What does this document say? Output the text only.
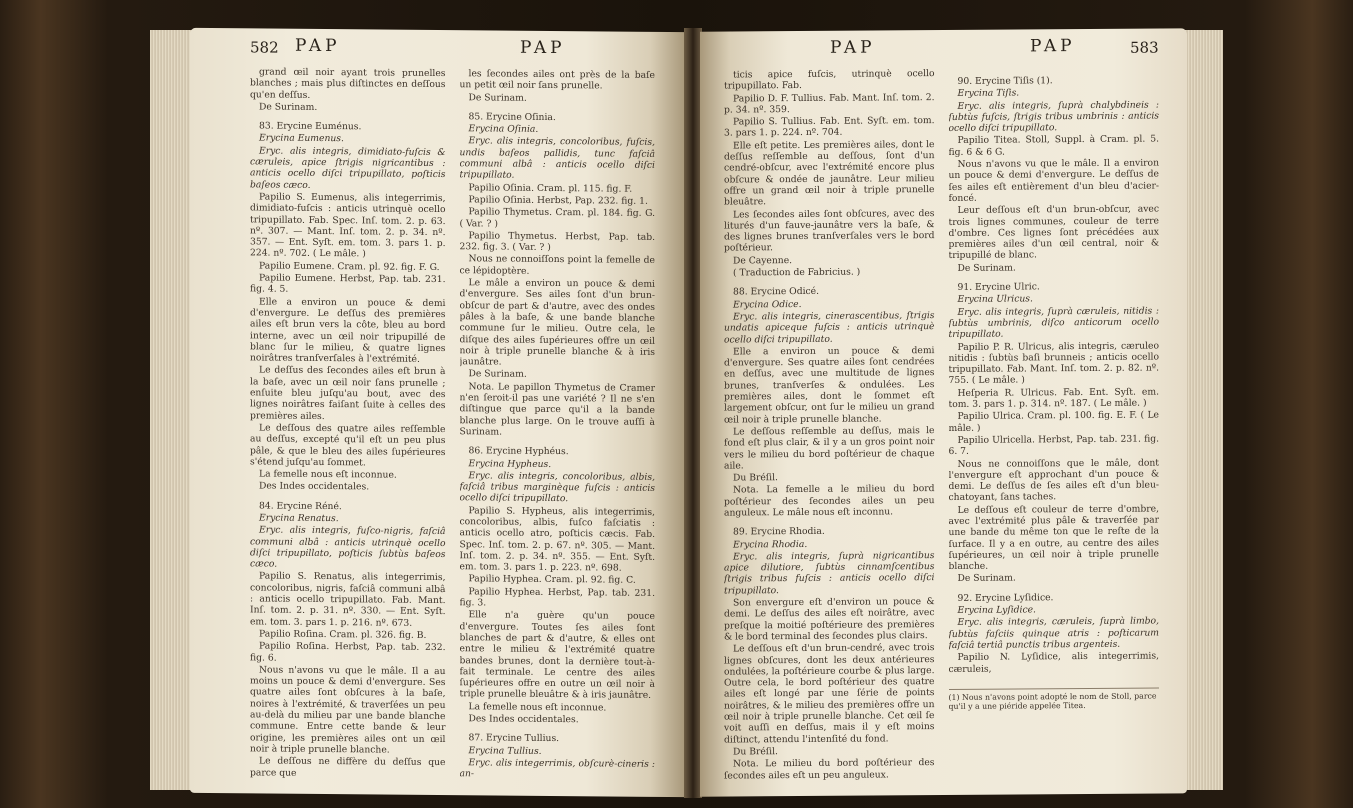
582 PAP	PAP

grand œil noir ayant trois prunelles blanches ; mais plus diſtinctes en deſſous qu'en deſſus.

De Surinam.

83. Erycine Euménus.

Erycina Eumenus.

Eryc. alis integris, dimidiato-fuſcis & cæruleis, apice ſtrigis nigricantibus : anticis ocello diſci tripupillato, poſticis baſeos cæco.

Papilio S. Eumenus, alis integerrimis, dimidiato-fuſcis : anticis utrinquè ocello tripupillato. Fab. Spec. Inſ. tom. 2. p. 63. nº. 307. — Mant. Inſ. tom. 2. p. 34. nº. 357. — Ent. Syſt. em. tom. 3. pars 1. p. 224. nº. 702. ( Le mâle. )

Papilio Eumene. Cram. pl. 92. fig. F. G.

Papilio Eumene. Herbst, Pap. tab. 231. fig. 4. 5.

Elle a environ un pouce & demi d'envergure. Le deſſus des premières ailes eſt brun vers la côte, bleu au bord interne, avec un œil noir tripupillé de blanc ſur le milieu, & quatre lignes noirâtres tranſverſales à l'extrémité.

Le deſſus des ſecondes ailes eſt brun à la baſe, avec un œil noir ſans prunelle ; enſuite bleu juſqu'au bout, avec des lignes noirâtres faiſant ſuite à celles des premières ailes.

Le deſſous des quatre ailes reſſemble au deſſus, excepté qu'il eſt un peu plus pâle, & que le bleu des ailes ſupérieures s'étend juſqu'au ſommet.

La femelle nous eſt inconnue.

Des Indes occidentales.

84. Erycine Réné.

Erycina Renatus.

Eryc. alis integris, fuſco-nigris, faſciâ communi albâ : anticis utrinquè ocello diſci tripupillato, poſticis ſubtùs baſeos cæco.

Papilio S. Renatus, alis integerrimis, concoloribus, nigris, faſciâ communi albâ : anticis ocello tripupillato. Fab. Mant. Inſ. tom. 2. p. 31. nº. 330. — Ent. Syſt. em. tom. 3. pars 1. p. 216. nº. 673.

Papilio Roſina. Cram. pl. 326. fig. B.

Papilio Roſina. Herbst, Pap. tab. 232. fig. 6.

Nous n'avons vu que le mâle. Il a au moins un pouce & demi d'envergure. Ses quatre ailes ſont obſcures à la baſe, noires à l'extrémité, & traverſées un peu au-delà du milieu par une bande blanche commune. Entre cette bande & leur origine, les premières ailes ont un œil noir à triple prunelle blanche.

Le deſſous ne diffère du deſſus que parce que

les ſecondes ailes ont près de la baſe un petit œil noir ſans prunelle.

De Surinam.

85. Erycine Oſinia.

Erycina Oſinia.

Eryc. alis integris, concoloribus, fuſcis, undis baſeos pallidis, tunc faſciâ communi albâ : anticis ocello diſci tripupillato.

Papilio Oſinia. Cram. pl. 115. fig. F.

Papilio Oſinia. Herbst, Pap. 232. fig. 1.

Papilio Thymetus. Cram. pl. 184. fig. G. ( Var. ? )

Papilio Thymetus. Herbst, Pap. tab. 232. fig. 3. ( Var. ? )

Nous ne connoiſſons point la femelle de ce lépidoptère.

Le mâle a environ un pouce & demi d'envergure. Ses ailes ſont d'un brun-obſcur de part & d'autre, avec des ondes pâles à la baſe, & une bande blanche commune ſur le milieu. Outre cela, le diſque des ailes ſupérieures offre un œil noir à triple prunelle blanche & à iris jaunâtre.

De Surinam.

Nota. Le papillon Thymetus de Cramer n'en ſeroit-il pas une variété ? Il ne s'en diſtingue que parce qu'il a la bande blanche plus large. On le trouve auſſi à Surinam.

86. Erycine Hyphéus.

Erycina Hypheus.

Eryc. alis integris, concoloribus, albis, faſciâ tribus marginèque fuſcis : anticis ocello diſci tripupillato.

Papilio S. Hypheus, alis integerrimis, concoloribus, albis, fuſco faſciatis : anticis ocello atro, poſticis cæcis. Fab. Spec. Inſ. tom. 2. p. 67. nº. 305. — Mant. Inſ. tom. 2. p. 34. nº. 355. — Ent. Syſt. em. tom. 3. pars 1. p. 223. nº. 698.

Papilio Hyphea. Cram. pl. 92. fig. C.

Papilio Hyphea. Herbst, Pap. tab. 231. fig. 3.

Elle n'a guère qu'un pouce d'envergure. Toutes ſes ailes ſont blanches de part & d'autre, & elles ont entre le milieu & l'extrémité quatre bandes brunes, dont la dernière tout-à-fait terminale. Le centre des ailes ſupérieures offre en outre un œil noir à triple prunelle bleuâtre & à iris jaunâtre.

La femelle nous eſt inconnue.

Des Indes occidentales.

87. Erycine Tullius.

Erycina Tullius.

Eryc. alis integerrimis, obſcurè-cineris : an-

PAP	PAP	583

ticis apice fuſcis, utrinquè ocello tripupillato. Fab.

Papilio D. F. Tullius. Fab. Mant. Inſ. tom. 2. p. 34. nº. 359.

Papilio S. Tullius. Fab. Ent. Syſt. em. tom. 3. pars 1. p. 224. nº. 704.

Elle eſt petite. Les premières ailes, dont le deſſus reſſemble au deſſous, ſont d'un cendré-obſcur, avec l'extrémité encore plus obſcure & ondée de jaunâtre. Leur milieu offre un grand œil noir à triple prunelle bleuâtre.

Les ſecondes ailes ſont obſcures, avec des liturés d'un fauve-jaunâtre vers la baſe, & des lignes brunes tranſverſales vers le bord poſtérieur.

De Cayenne.

( Traduction de Fabricius. )

88. Erycine Odicé.

Erycina Odice.

Eryc. alis integris, cinerascentibus, ſtrigis undatis apiceque fuſcis : anticis utrinquè ocello diſci tripupillato.

Elle a environ un pouce & demi d'envergure. Ses quatre ailes ſont cendrées en deſſus, avec une multitude de lignes brunes, tranſverſes & ondulées. Les premières ailes, dont le ſommet eſt largement obſcur, ont ſur le milieu un grand œil noir à triple prunelle blanche.

Le deſſous reſſemble au deſſus, mais le fond eſt plus clair, & il y a un gros point noir vers le milieu du bord poſtérieur de chaque aile.

Du Bréſil.

Nota. La femelle a le milieu du bord poſtérieur des ſecondes ailes un peu anguleux. Le mâle nous eſt inconnu.

89. Erycine Rhodia.

Erycina Rhodia.

Eryc. alis integris, ſuprà nigricantibus apice dilutiore, ſubtùs cinnamſcentibus ſtrigis tribus fuſcis : anticis ocello diſci tripupillato.

Son envergure eſt d'environ un pouce & demi. Le deſſus des ailes eſt noirâtre, avec preſque la moitié poſtérieure des premières & le bord terminal des ſecondes plus clairs.

Le deſſous eſt d'un brun-cendré, avec trois lignes obſcures, dont les deux antérieures ondulées, la poſtérieure courbe & plus large. Outre cela, le bord poſtérieur des quatre ailes eſt longé par une ſérie de points noirâtres, & le milieu des premières offre un œil noir à triple prunelle blanche. Cet œil ſe voit auſſi en deſſus, mais il y eſt moins diſtinct, attendu l'intenſité du fond.

Du Bréſil.

Nota. Le milieu du bord poſtérieur des ſecondes ailes eſt un peu anguleux.

90. Erycine Tiſis (1).

Erycina Tiſis.

Eryc. alis integris, ſuprà chalybdineis : ſubtùs fuſcis, ſtrigis tribus umbrinis : anticis ocello diſci tripupillato.

Papilio Titea. Stoll, Suppl. à Cram. pl. 5. fig. 6 & 6 G.

Nous n'avons vu que le mâle. Il a environ un pouce & demi d'envergure. Le deſſus de ſes ailes eſt entièrement d'un bleu d'acier-foncé.

Leur deſſous eſt d'un brun-obſcur, avec trois lignes communes, couleur de terre d'ombre. Ces lignes ſont précédées aux premières ailes d'un œil central, noir & tripupillé de blanc.

De Surinam.

91. Erycine Ulric.

Erycina Ulricus.

Eryc. alis integris, ſuprà cæruleis, nitidis : ſubtùs umbrinis, diſco anticorum ocello tripupillato.

Papilio P. R. Ulricus, alis integris, cæruleo nitidis : ſubtùs baſi brunneis ; anticis ocello tripupillato. Fab. Mant. Inſ. tom. 2. p. 82. nº. 755. ( Le mâle. )

Heſperia R. Ulricus. Fab. Ent. Syſt. em. tom. 3. pars 1. p. 314. nº. 187. ( Le mâle. )

Papilio Ulrica. Cram. pl. 100. fig. E. F. ( Le mâle. )

Papilio Ulricella. Herbst, Pap. tab. 231. fig. 6. 7.

Nous ne connoiſſons que le mâle, dont l'envergure eſt approchant d'un pouce & demi. Le deſſus de ſes ailes eſt d'un bleu-chatoyant, ſans taches.

Le deſſous eſt couleur de terre d'ombre, avec l'extrémité plus pâle & traverſée par une bande du même ton que le reſte de la ſurface. Il y a en outre, au centre des ailes ſupérieures, un œil noir à triple prunelle blanche.

De Surinam.

92. Erycine Lyſidice.

Erycina Lyſidice.

Eryc. alis integris, cæruleis, ſuprà limbo, ſubtùs faſciis quinque atris : poſticarum faſciâ tertiâ punctis tribus argenteis.

Papilio N. Lyſidice, alis integerrimis, cæruleis,

(1) Nous n'avons point adopté le nom de Stoll, parce qu'il y a une piéride appelée Titea.
